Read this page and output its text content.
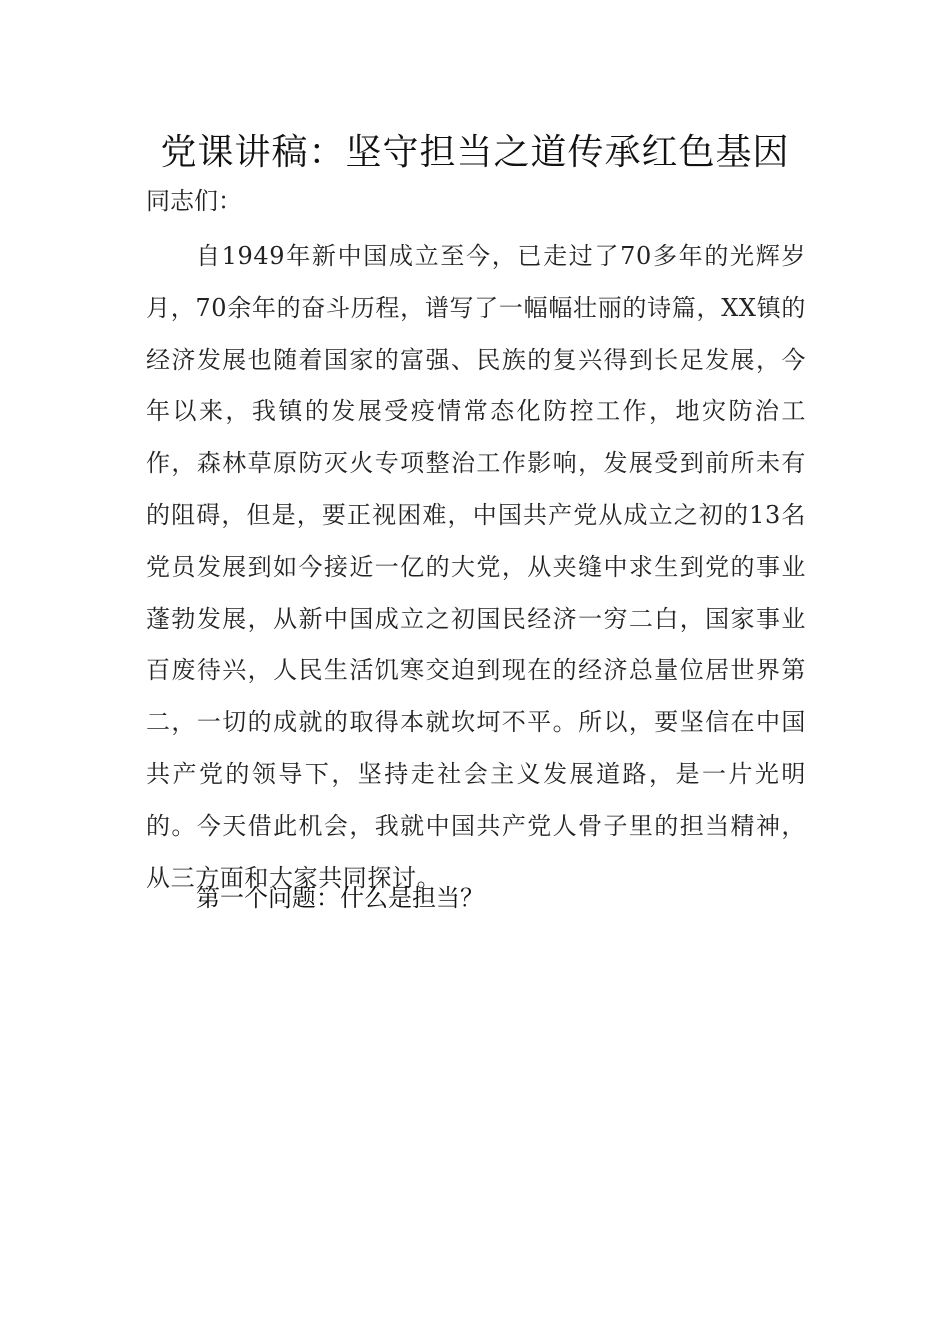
党课讲稿：坚守担当之道传承红色基因
同志们：
自1949年新中国成立至今，已走过了70多年的光辉岁月，70余年的奋斗历程，谱写了一幅幅壮丽的诗篇，XX镇的经济发展也随着国家的富强、民族的复兴得到长足发展，今年以来，我镇的发展受疫情常态化防控工作，地灾防治工作，森林草原防灭火专项整治工作影响，发展受到前所未有的阻碍，但是，要正视困难，中国共产党从成立之初的13名党员发展到如今接近一亿的大党，从夹缝中求生到党的事业蓬勃发展，从新中国成立之初国民经济一穷二白，国家事业百废待兴，人民生活饥寒交迫到现在的经济总量位居世界第二，一切的成就的取得本就坎坷不平。所以，要坚信在中国共产党的领导下，坚持走社会主义发展道路，是一片光明的。今天借此机会，我就中国共产党人骨子里的担当精神，从三方面和大家共同探讨。
第一个问题：什么是担当？
